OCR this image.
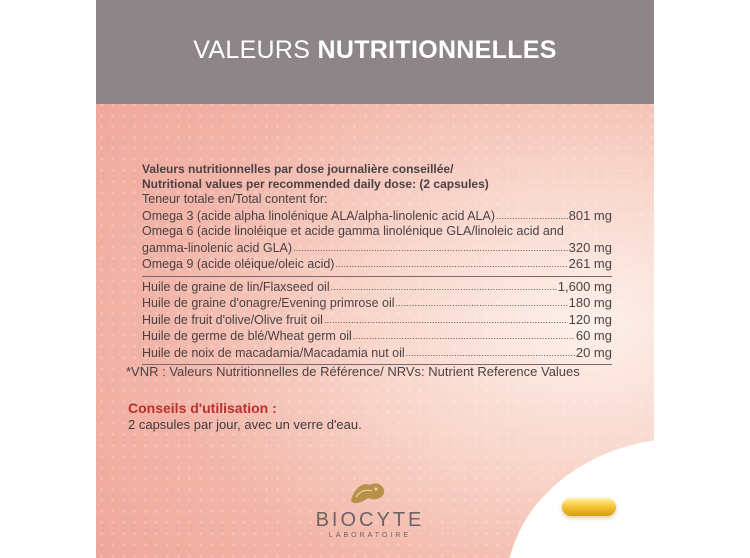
VALEURS NUTRITIONNELLES
Valeurs nutritionnelles par dose journalière conseillée/
Nutritional values per recommended daily dose: (2 capsules)
Teneur totale en/Total content for:
Omega 3 (acide alpha linolénique ALA/alpha-linolenic acid ALA) .....	801 mg
Omega 6 (acide linoléique et acide gamma linolénique GLA/linoleic acid and
gamma-linolenic acid GLA) .....	320 mg
Omega 9 (acide oléique/oleic acid) .....	261 mg
Huile de graine de lin/Flaxseed oil .....	1,600 mg
Huile de graine d'onagre/Evening primrose oil .....	180 mg
Huile de fruit d'olive/Olive fruit oil .....	120 mg
Huile de germe de blé/Wheat germ oil .....	60 mg
Huile de noix de macadamia/Macadamia nut oil .....	20 mg
*VNR : Valeurs Nutritionnelles de Référence/ NRVs: Nutrient Reference Values
Conseils d'utilisation :
2 capsules par jour, avec un verre d'eau.
BIOCYTE
LABORATOIRE
